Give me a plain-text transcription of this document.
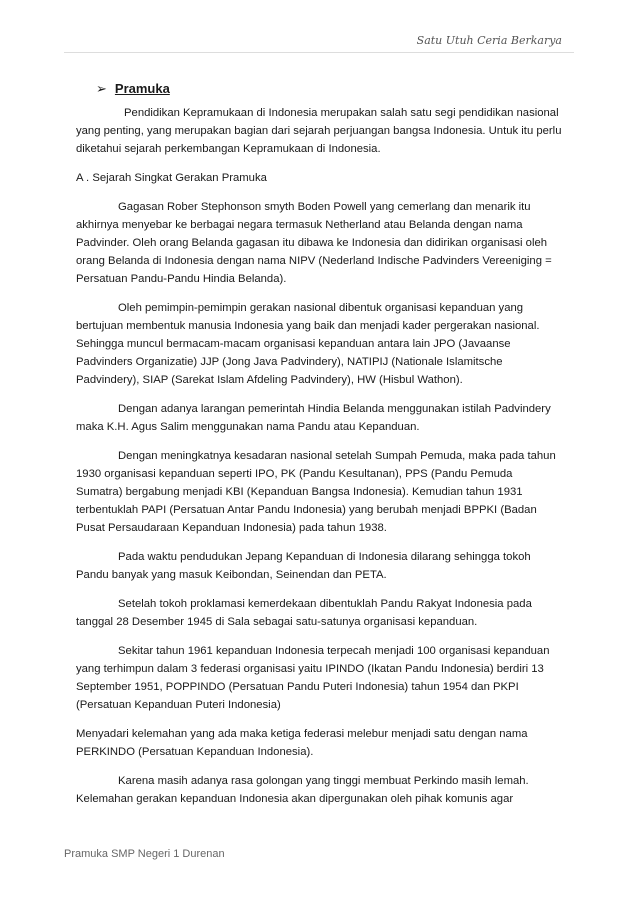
Satu Utuh Ceria Berkarya
➢ Pramuka

Pendidikan Kepramukaan di Indonesia merupakan salah satu segi pendidikan nasional yang penting, yang merupakan bagian dari sejarah perjuangan bangsa Indonesia. Untuk itu perlu diketahui sejarah perkembangan Kepramukaan di Indonesia.

A . Sejarah Singkat Gerakan Pramuka

Gagasan Rober Stephonson smyth Boden Powell yang cemerlang dan menarik itu akhirnya menyebar ke berbagai negara termasuk Netherland atau Belanda dengan nama Padvinder. Oleh orang Belanda gagasan itu dibawa ke Indonesia dan didirikan organisasi oleh orang Belanda di Indonesia dengan nama NIPV (Nederland Indische Padvinders Vereeniging = Persatuan Pandu-Pandu Hindia Belanda).

Oleh pemimpin-pemimpin gerakan nasional dibentuk organisasi kepanduan yang bertujuan membentuk manusia Indonesia yang baik dan menjadi kader pergerakan nasional. Sehingga muncul bermacam-macam organisasi kepanduan antara lain JPO (Javaanse Padvinders Organizatie) JJP (Jong Java Padvindery), NATIPIJ (Nationale Islamitsche Padvindery), SIAP (Sarekat Islam Afdeling Padvindery), HW (Hisbul Wathon).

Dengan adanya larangan pemerintah Hindia Belanda menggunakan istilah Padvindery maka K.H. Agus Salim menggunakan nama Pandu atau Kepanduan.

Dengan meningkatnya kesadaran nasional setelah Sumpah Pemuda, maka pada tahun 1930 organisasi kepanduan seperti IPO, PK (Pandu Kesultanan), PPS (Pandu Pemuda Sumatra) bergabung menjadi KBI (Kepanduan Bangsa Indonesia). Kemudian tahun 1931 terbentuklah PAPI (Persatuan Antar Pandu Indonesia) yang berubah menjadi BPPKI (Badan Pusat Persaudaraan Kepanduan Indonesia) pada tahun 1938.

Pada waktu pendudukan Jepang Kepanduan di Indonesia dilarang sehingga tokoh Pandu banyak yang masuk Keibondan, Seinendan dan PETA.

Setelah tokoh proklamasi kemerdekaan dibentuklah Pandu Rakyat Indonesia pada tanggal 28 Desember 1945 di Sala sebagai satu-satunya organisasi kepanduan.

Sekitar tahun 1961 kepanduan Indonesia terpecah menjadi 100 organisasi kepanduan yang terhimpun dalam 3 federasi organisasi yaitu IPINDO (Ikatan Pandu Indonesia) berdiri 13 September 1951, POPPINDO (Persatuan Pandu Puteri Indonesia) tahun 1954 dan PKPI (Persatuan Kepanduan Puteri Indonesia)

Menyadari kelemahan yang ada maka ketiga federasi melebur menjadi satu dengan nama PERKINDO (Persatuan Kepanduan Indonesia).

Karena masih adanya rasa golongan yang tinggi membuat Perkindo masih lemah. Kelemahan gerakan kepanduan Indonesia akan dipergunakan oleh pihak komunis agar

Pramuka SMP Negeri 1 Durenan
